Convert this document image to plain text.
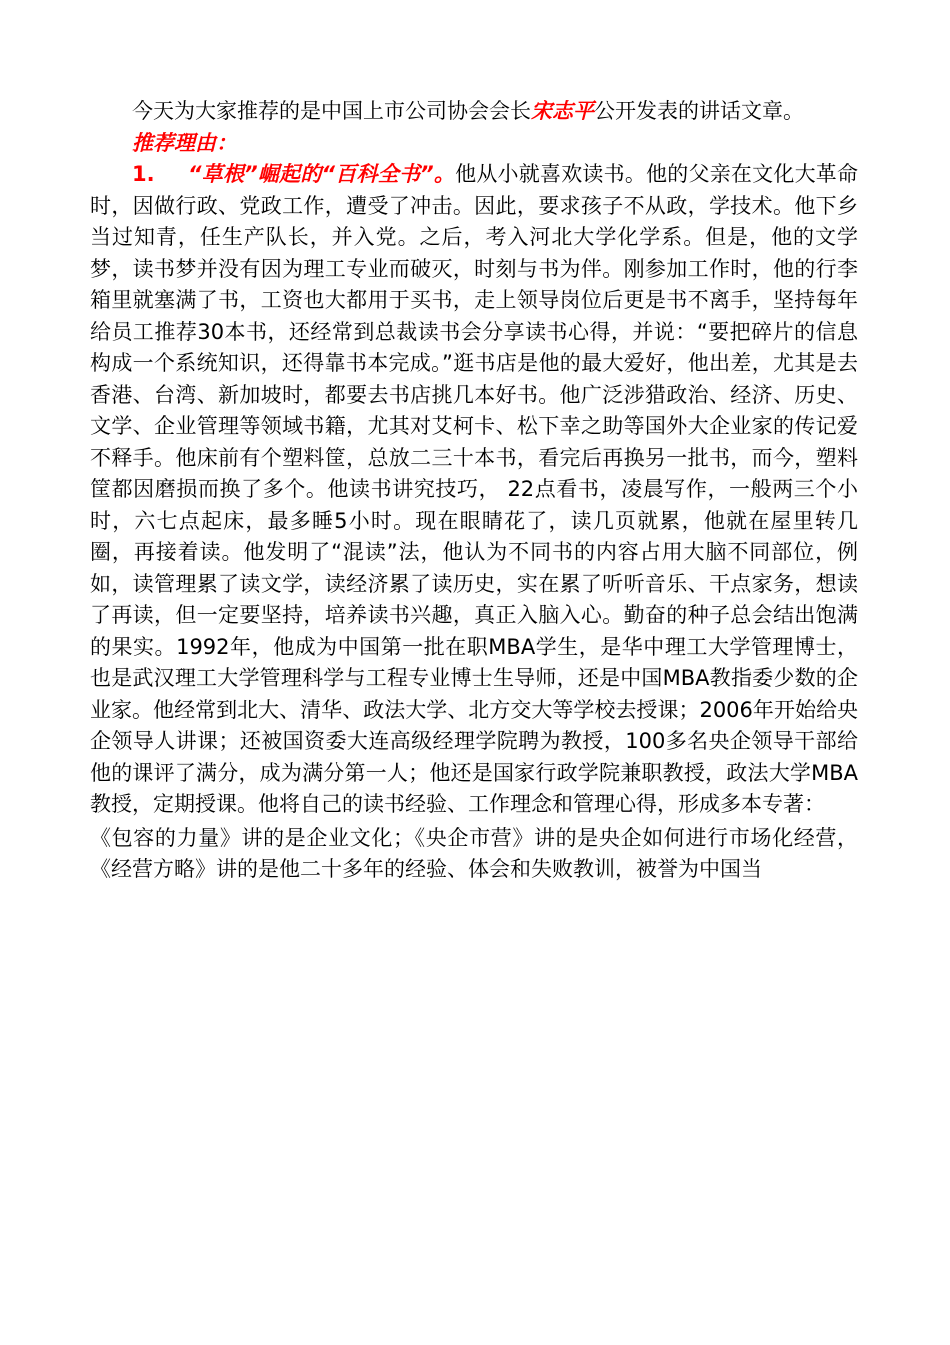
今天为大家推荐的是中国上市公司协会会长宋志平公开发表的讲话文章。

推荐理由：

1. “草根”崛起的“百科全书”。他从小就喜欢读书。他的父亲在文化大革命时，因做行政、党政工作，遭受了冲击。因此，要求孩子不从政，学技术。他下乡当过知青，任生产队长，并入党。之后，考入河北大学化学系。但是，他的文学梦，读书梦并没有因为理工专业而破灭，时刻与书为伴。刚参加工作时，他的行李箱里就塞满了书，工资也大都用于买书，走上领导岗位后更是书不离手，坚持每年给员工推荐30本书，还经常到总裁读书会分享读书心得，并说：“要把碎片的信息构成一个系统知识，还得靠书本完成。”逛书店是他的最大爱好，他出差，尤其是去香港、台湾、新加坡时，都要去书店挑几本好书。他广泛涉猎政治、经济、历史、文学、企业管理等领域书籍，尤其对艾柯卡、松下幸之助等国外大企业家的传记爱不释手。他床前有个塑料筐，总放二三十本书，看完后再换另一批书，而今，塑料筐都因磨损而换了多个。他读书讲究技巧， 22点看书，凌晨写作，一般两三个小时，六七点起床，最多睡5小时。现在眼睛花了，读几页就累，他就在屋里转几圈，再接着读。他发明了“混读”法，他认为不同书的内容占用大脑不同部位，例如，读管理累了读文学，读经济累了读历史，实在累了听听音乐、干点家务，想读了再读，但一定要坚持，培养读书兴趣，真正入脑入心。勤奋的种子总会结出饱满的果实。1992年，他成为中国第一批在职MBA学生，是华中理工大学管理博士，也是武汉理工大学管理科学与工程专业博士生导师，还是中国MBA教指委少数的企业家。他经常到北大、清华、政法大学、北方交大等学校去授课；2006年开始给央企领导人讲课；还被国资委大连高级经理学院聘为教授，100多名央企领导干部给他的课评了满分，成为满分第一人；他还是国家行政学院兼职教授，政法大学MBA教授，定期授课。他将自己的读书经验、工作理念和管理心得，形成多本专著：

《包容的力量》讲的是企业文化；《央企市营》讲的是央企如何进行市场化经营，《经营方略》讲的是他二十多年的经验、体会和失败教训，被誉为中国当
